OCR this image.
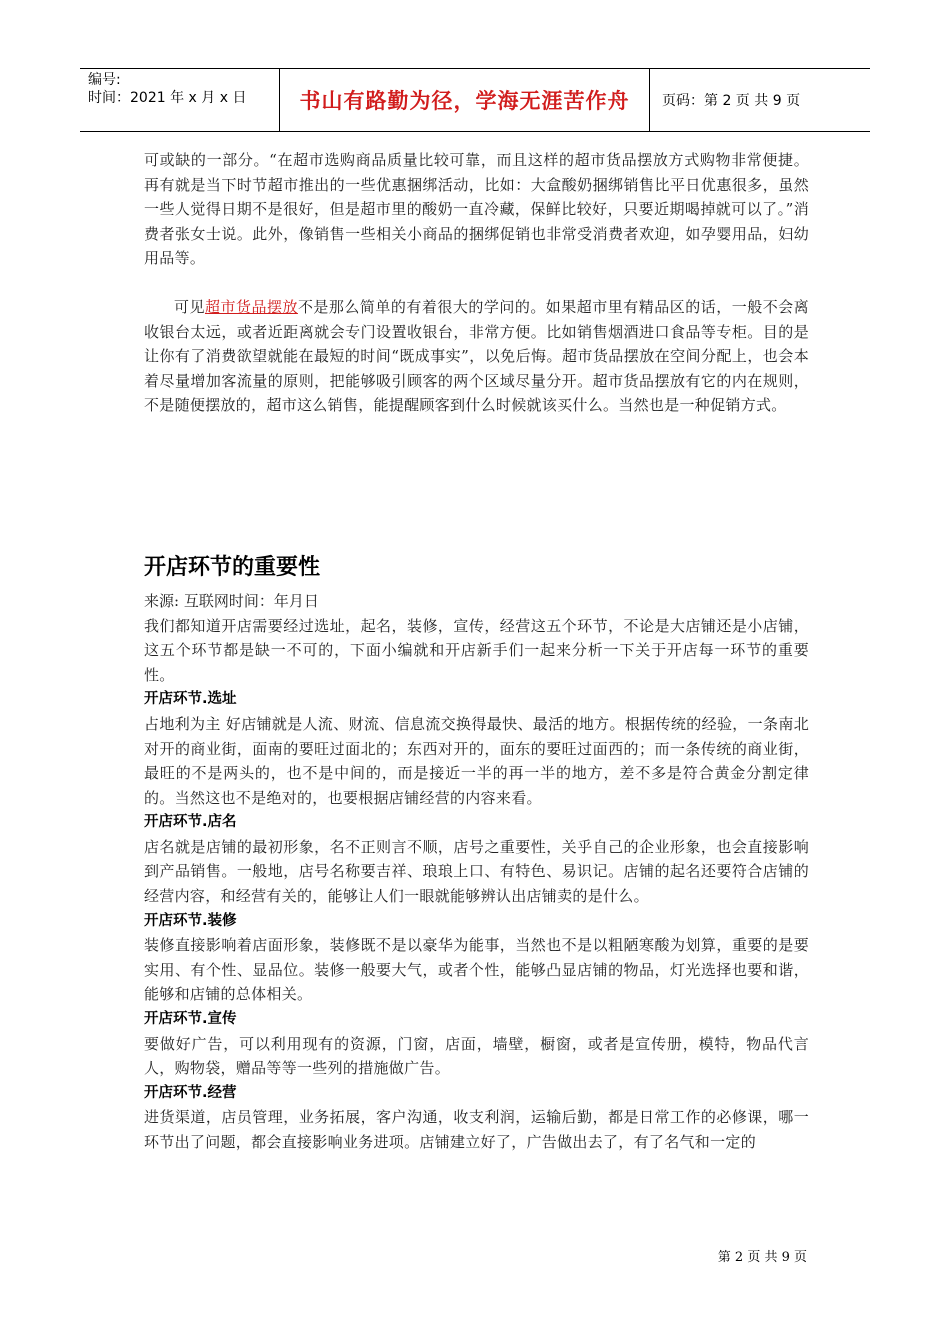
编号:
时间：2021 年 x 月 x 日	书山有路勤为径，学海无涯苦作舟	页码：第 2 页 共 9 页

可或缺的一部分。“在超市选购商品质量比较可靠，而且这样的超市货品摆放方式购物非常便捷。再有就是当下时节超市推出的一些优惠捆绑活动，比如：大盒酸奶捆绑销售比平日优惠很多，虽然一些人觉得日期不是很好，但是超市里的酸奶一直冷藏，保鲜比较好，只要近期喝掉就可以了。”消费者张女士说。此外，像销售一些相关小商品的捆绑促销也非常受消费者欢迎，如孕婴用品，妇幼用品等。

可见超市货品摆放不是那么简单的有着很大的学问的。如果超市里有精品区的话，一般不会离收银台太远，或者近距离就会专门设置收银台，非常方便。比如销售烟酒进口食品等专柜。目的是让你有了消费欲望就能在最短的时间“既成事实”，以免后悔。超市货品摆放在空间分配上，也会本着尽量增加客流量的原则，把能够吸引顾客的两个区域尽量分开。超市货品摆放有它的内在规则，不是随便摆放的，超市这么销售，能提醒顾客到什么时候就该买什么。当然也是一种促销方式。

开店环节的重要性

来源: 互联网时间：年月日

我们都知道开店需要经过选址，起名，装修，宣传，经营这五个环节，不论是大店铺还是小店铺，这五个环节都是缺一不可的，下面小编就和开店新手们一起来分析一下关于开店每一环节的重要性。

开店环节.选址

占地利为主 好店铺就是人流、财流、信息流交换得最快、最活的地方。根据传统的经验，一条南北对开的商业街，面南的要旺过面北的；东西对开的，面东的要旺过面西的；而一条传统的商业街，最旺的不是两头的，也不是中间的，而是接近一半的再一半的地方，差不多是符合黄金分割定律的。当然这也不是绝对的，也要根据店铺经营的内容来看。

开店环节.店名

店名就是店铺的最初形象，名不正则言不顺，店号之重要性，关乎自己的企业形象，也会直接影响到产品销售。一般地，店号名称要吉祥、琅琅上口、有特色、易识记。店铺的起名还要符合店铺的经营内容，和经营有关的，能够让人们一眼就能够辨认出店铺卖的是什么。

开店环节.装修

装修直接影响着店面形象，装修既不是以豪华为能事，当然也不是以粗陋寒酸为划算，重要的是要实用、有个性、显品位。装修一般要大气，或者个性，能够凸显店铺的物品，灯光选择也要和谐，能够和店铺的总体相关。

开店环节.宣传

要做好广告，可以利用现有的资源，门窗，店面，墙壁，橱窗，或者是宣传册，模特，物品代言人，购物袋，赠品等等一些列的措施做广告。

开店环节.经营

进货渠道，店员管理，业务拓展，客户沟通，收支利润，运输后勤，都是日常工作的必修课，哪一环节出了问题，都会直接影响业务进项。店铺建立好了，广告做出去了，有了名气和一定的

第 2 页 共 9 页
